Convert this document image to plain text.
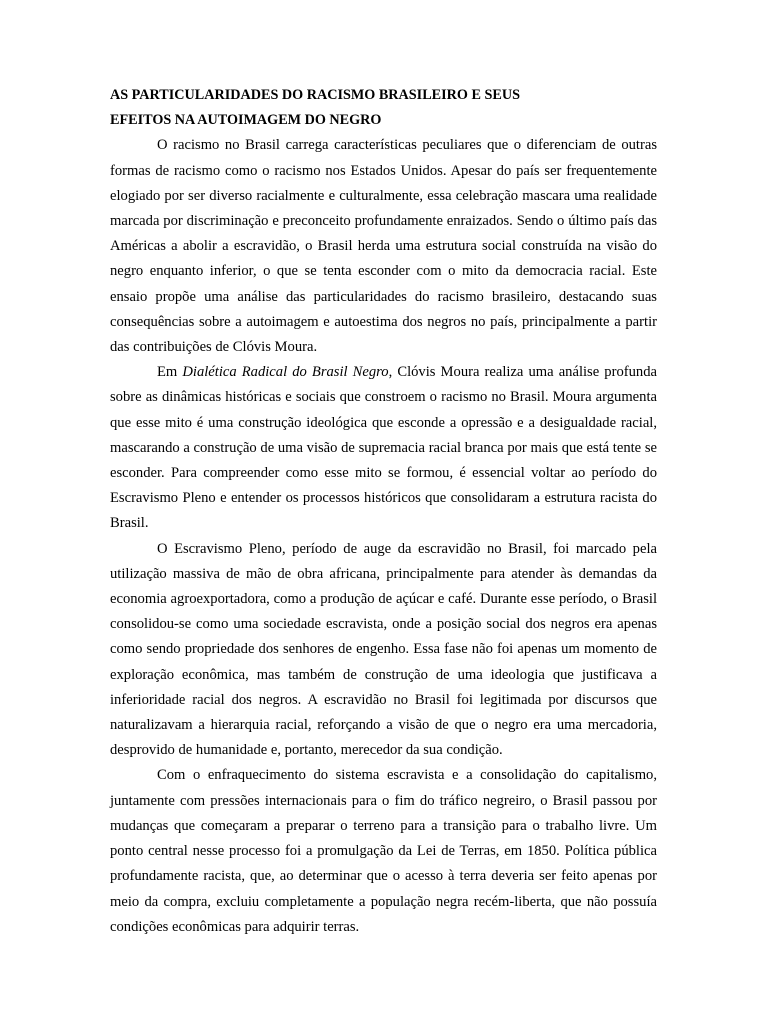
AS PARTICULARIDADES DO RACISMO BRASILEIRO E SEUS
EFEITOS NA AUTOIMAGEM DO NEGRO

O racismo no Brasil carrega características peculiares que o diferenciam de outras formas de racismo como o racismo nos Estados Unidos. Apesar do país ser frequentemente elogiado por ser diverso racialmente e culturalmente, essa celebração mascara uma realidade marcada por discriminação e preconceito profundamente enraizados. Sendo o último país das Américas a abolir a escravidão, o Brasil herda uma estrutura social construída na visão do negro enquanto inferior, o que se tenta esconder com o mito da democracia racial. Este ensaio propõe uma análise das particularidades do racismo brasileiro, destacando suas consequências sobre a autoimagem e autoestima dos negros no país, principalmente a partir das contribuições de Clóvis Moura.

Em Dialética Radical do Brasil Negro, Clóvis Moura realiza uma análise profunda sobre as dinâmicas históricas e sociais que constroem o racismo no Brasil. Moura argumenta que esse mito é uma construção ideológica que esconde a opressão e a desigualdade racial, mascarando a construção de uma visão de supremacia racial branca por mais que está tente se esconder. Para compreender como esse mito se formou, é essencial voltar ao período do Escravismo Pleno e entender os processos históricos que consolidaram a estrutura racista do Brasil.

O Escravismo Pleno, período de auge da escravidão no Brasil, foi marcado pela utilização massiva de mão de obra africana, principalmente para atender às demandas da economia agroexportadora, como a produção de açúcar e café. Durante esse período, o Brasil consolidou-se como uma sociedade escravista, onde a posição social dos negros era apenas como sendo propriedade dos senhores de engenho. Essa fase não foi apenas um momento de exploração econômica, mas também de construção de uma ideologia que justificava a inferioridade racial dos negros. A escravidão no Brasil foi legitimada por discursos que naturalizavam a hierarquia racial, reforçando a visão de que o negro era uma mercadoria, desprovido de humanidade e, portanto, merecedor da sua condição.

Com o enfraquecimento do sistema escravista e a consolidação do capitalismo, juntamente com pressões internacionais para o fim do tráfico negreiro, o Brasil passou por mudanças que começaram a preparar o terreno para a transição para o trabalho livre. Um ponto central nesse processo foi a promulgação da Lei de Terras, em 1850. Política pública profundamente racista, que, ao determinar que o acesso à terra deveria ser feito apenas por meio da compra, excluiu completamente a população negra recém-liberta, que não possuía condições econômicas para adquirir terras.
